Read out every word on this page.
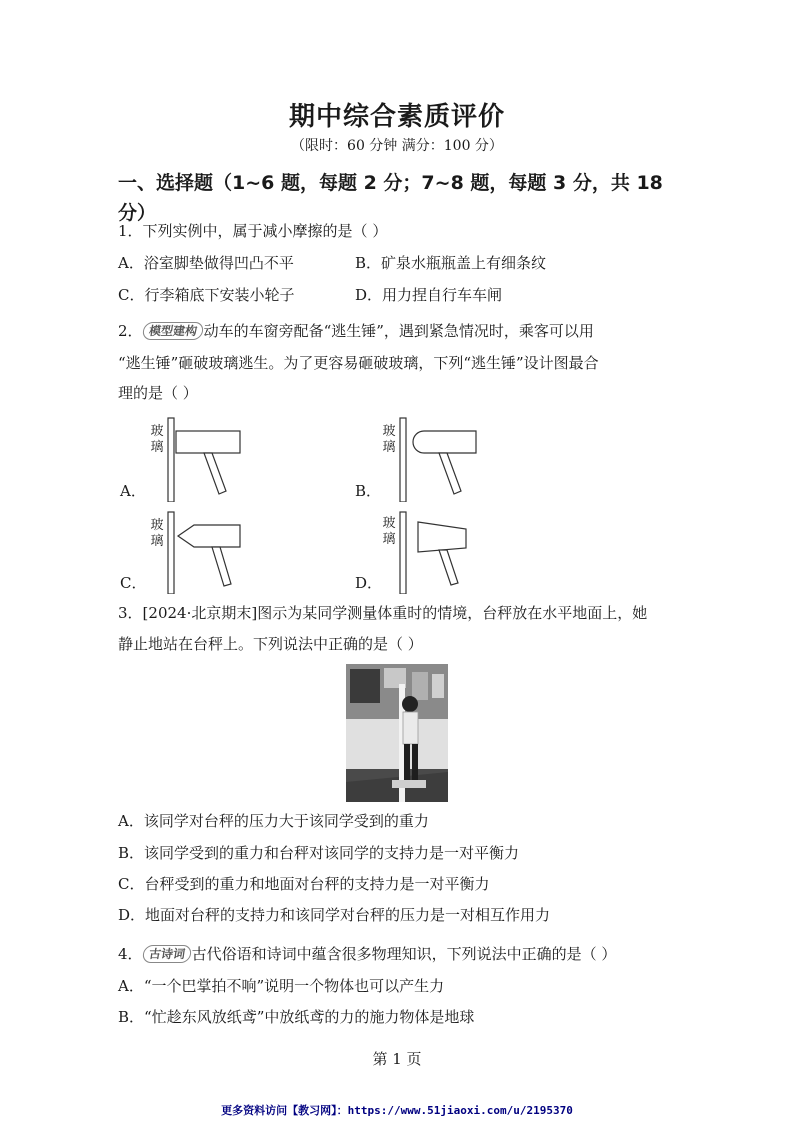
期中综合素质评价
（限时：60 分钟 满分：100 分）
一、选择题（1~6 题，每题 2 分；7~8 题，每题 3 分，共 18
分）
1．下列实例中，属于减小摩擦的是（ ）
A．浴室脚垫做得凹凸不平	B．矿泉水瓶瓶盖上有细条纹
C．行李箱底下安装小轮子	D．用力捏自行车车闸
2． 模型建构 动车的车窗旁配备“逃生锤”，遇到紧急情况时，乘客可以用
“逃生锤”砸破玻璃逃生。为了更容易砸破玻璃，下列“逃生锤”设计图最合
理的是（ ）
玻
璃
A．
玻
璃
B．
玻
璃
C．
玻
璃
D．
3．[2024·北京期末]图示为某同学测量体重时的情境，台秤放在水平地面上，她
静止地站在台秤上。下列说法中正确的是（ ）
A．该同学对台秤的压力大于该同学受到的重力
B．该同学受到的重力和台秤对该同学的支持力是一对平衡力
C．台秤受到的重力和地面对台秤的支持力是一对平衡力
D．地面对台秤的支持力和该同学对台秤的压力是一对相互作用力
4． 古诗词 古代俗语和诗词中蕴含很多物理知识，下列说法中正确的是（ ）
A．“一个巴掌拍不响”说明一个物体也可以产生力
B．“忙趁东风放纸鸢”中放纸鸢的力的施力物体是地球
第 1 页
更多资料访问【教习网】：https://www.51jiaoxi.com/u/2195370
